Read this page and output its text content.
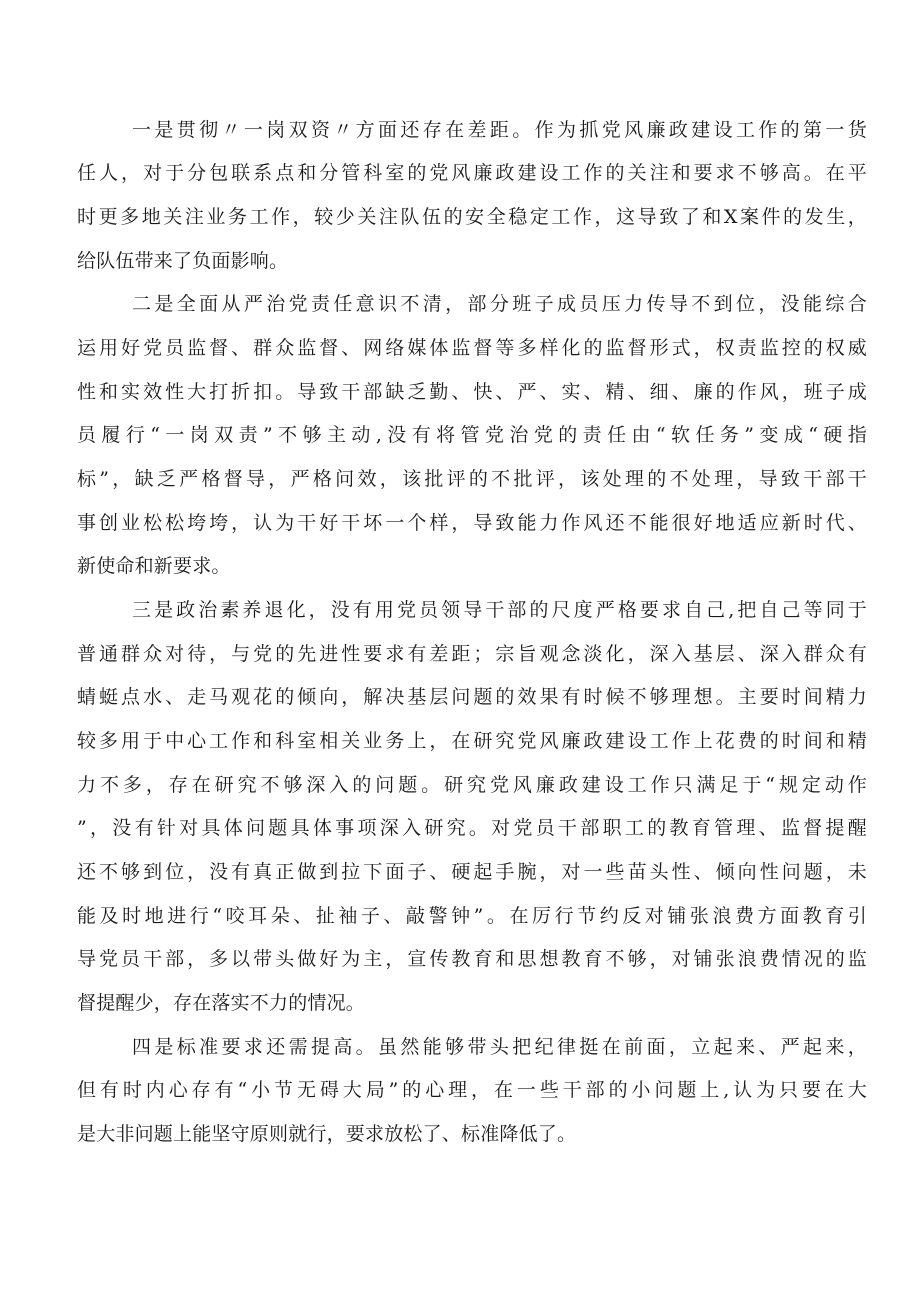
一是贯彻〃一岗双资〃方面还存在差距。作为抓党风廉政建设工作的第一货
任人，对于分包联系点和分管科室的党风廉政建设工作的关注和要求不够高。在平
时更多地关注业务工作，较少关注队伍的安全稳定工作，这导致了和X案件的发生，
给队伍带来了负面影响。
二是全面从严治党责任意识不清，部分班子成员压力传导不到位，没能综合
运用好党员监督、群众监督、网络媒体监督等多样化的监督形式，权责监控的权威
性和实效性大打折扣。导致干部缺乏勤、快、严、实、精、细、廉的作风，班子成
员履行“一岗双责”不够主动,没有将管党治党的责任由“软任务”变成“硬指
标”，缺乏严格督导，严格问效，该批评的不批评，该处理的不处理，导致干部干
事创业松松垮垮，认为干好干坏一个样，导致能力作风还不能很好地适应新时代、
新使命和新要求。
三是政治素养退化，没有用党员领导干部的尺度严格要求自己,把自己等同于
普通群众对待，与党的先进性要求有差距；宗旨观念淡化，深入基层、深入群众有
蜻蜓点水、走马观花的倾向，解决基层问题的效果有时候不够理想。主要时间精力
较多用于中心工作和科室相关业务上，在研究党风廉政建设工作上花费的时间和精
力不多，存在研究不够深入的问题。研究党风廉政建设工作只满足于“规定动作
”，没有针对具体问题具体事项深入研究。对党员干部职工的教育管理、监督提醒
还不够到位，没有真正做到拉下面子、硬起手腕，对一些苗头性、倾向性问题，未
能及时地进行“咬耳朵、扯袖子、敲警钟”。在厉行节约反对铺张浪费方面教育引
导党员干部，多以带头做好为主，宣传教育和思想教育不够，对铺张浪费情况的监
督提醒少，存在落实不力的情况。
四是标准要求还需提高。虽然能够带头把纪律挺在前面，立起来、严起来，
但有时内心存有“小节无碍大局”的心理，在一些干部的小问题上,认为只要在大
是大非问题上能坚守原则就行，要求放松了、标准降低了。
